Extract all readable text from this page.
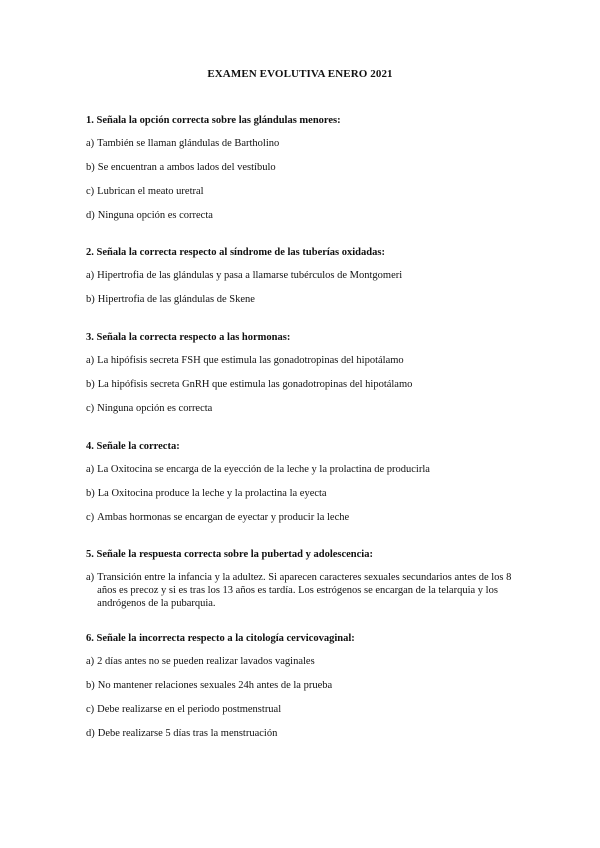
EXAMEN EVOLUTIVA ENERO 2021

1. Señala la opción correcta sobre las glándulas menores:

a) También se llaman glándulas de Bartholino

b) Se encuentran a ambos lados del vestíbulo

c) Lubrican el meato uretral

d) Ninguna opción es correcta

2. Señala la correcta respecto al síndrome de las tuberías oxidadas:

a) Hipertrofia de las glándulas y pasa a llamarse tubérculos de Montgomeri

b) Hipertrofia de las glándulas de Skene

3. Señala la correcta respecto a las hormonas:

a) La hipófisis secreta FSH que estimula las gonadotropinas del hipotálamo

b) La hipófisis secreta GnRH que estimula las gonadotropinas del hipotálamo

c) Ninguna opción es correcta

4. Señale la correcta:

a) La Oxitocina se encarga de la eyección de la leche y la prolactina de producirla

b) La Oxitocina produce la leche y la prolactina la eyecta

c) Ambas hormonas se encargan de eyectar y producir la leche

5. Señale la respuesta correcta sobre la pubertad y adolescencia:

a) Transición entre la infancia y la adultez. Si aparecen caracteres sexuales secundarios antes de los 8 años es precoz y si es tras los 13 años es tardía. Los estrógenos se encargan de la telarquia y los andrógenos de la pubarquia.

6. Señale la incorrecta respecto a la citología cervicovaginal:

a) 2 días antes no se pueden realizar lavados vaginales

b) No mantener relaciones sexuales 24h antes de la prueba

c) Debe realizarse en el periodo postmenstrual

d) Debe realizarse 5 días tras la menstruación
